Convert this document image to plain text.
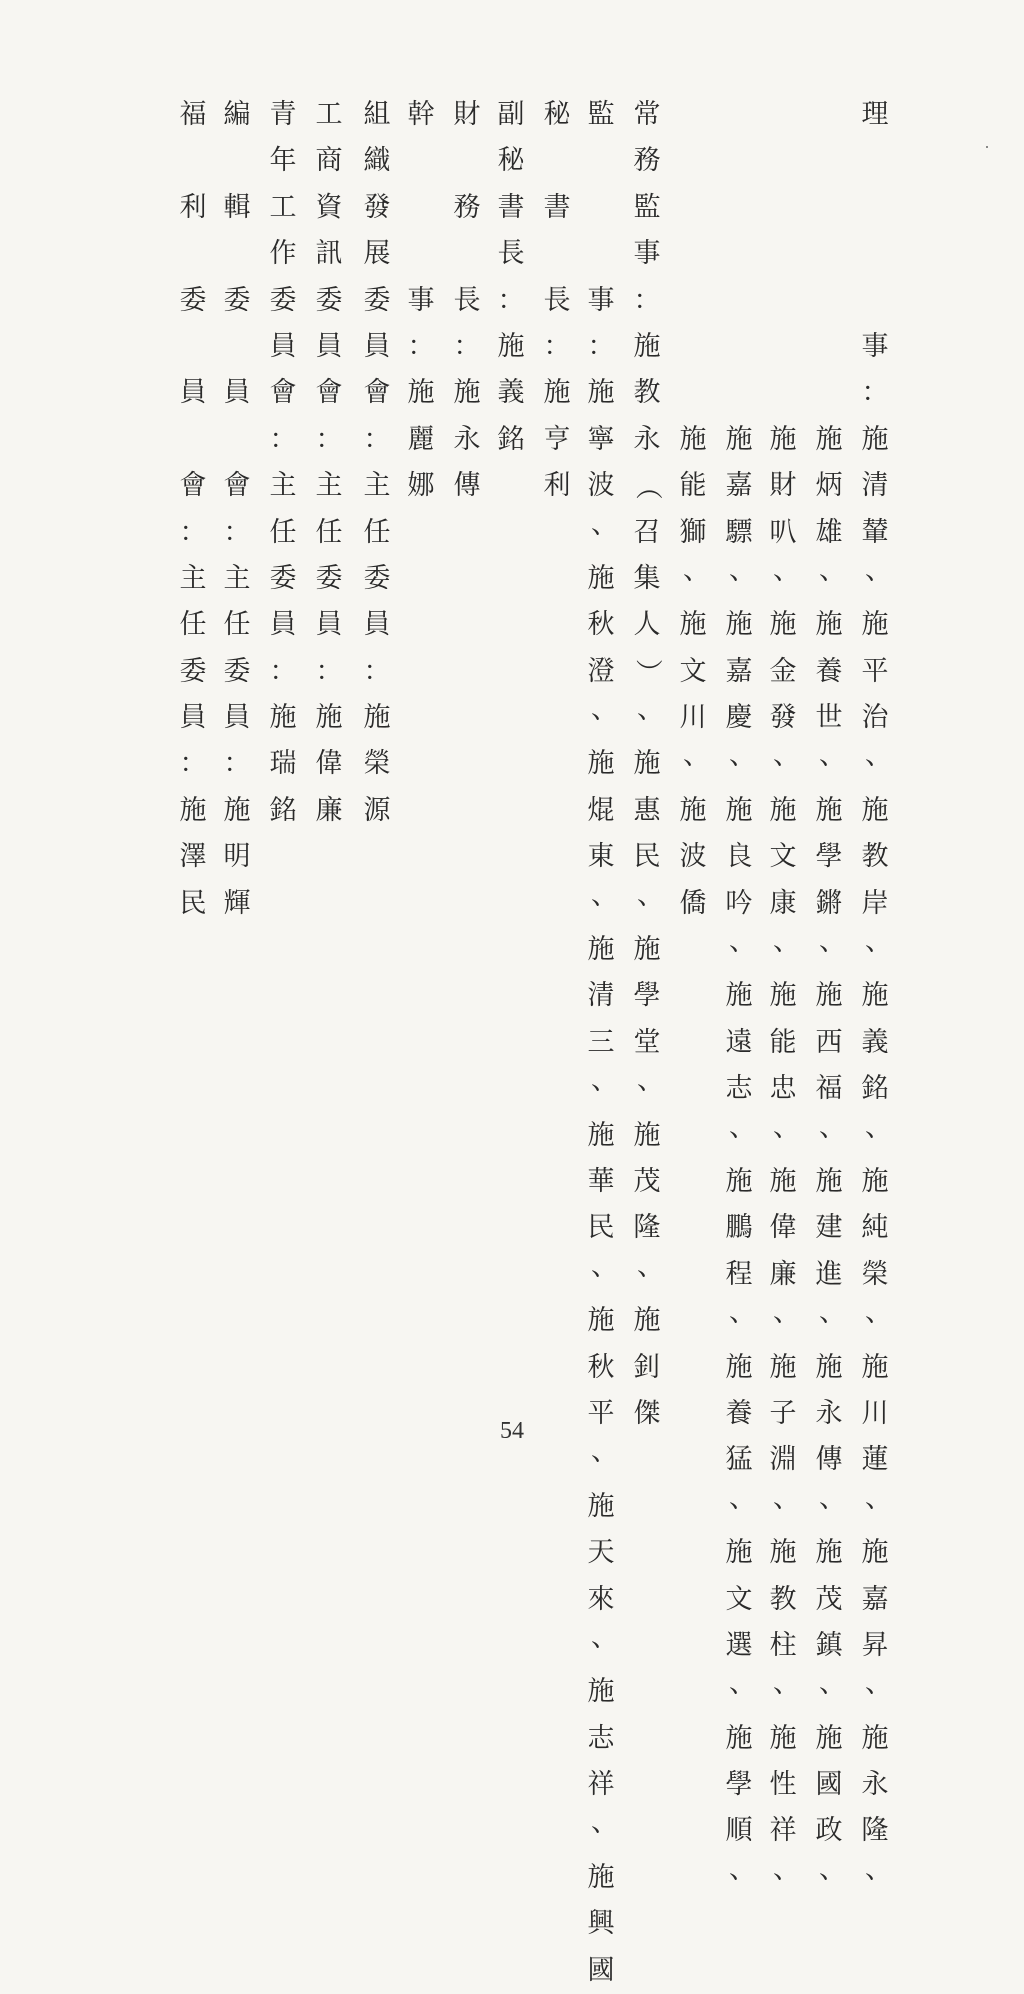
理

事
：
施
清
輦
、
施
平
治
、
施
教
岸
、
施
義
銘
、
施
純
榮
、
施
川
蓮
、
施
嘉
昇
、
施
永
隆
、

施
炳
雄
、
施
養
世
、
施
學
鏘
、
施
西
福
、
施
建
進
、
施
永
傳
、
施
茂
鎮
、
施
國
政
、

施
財
叭
、
施
金
發
、
施
文
康
、
施
能
忠
、
施
偉
廉
、
施
子
淵
、
施
教
柱
、
施
性
祥
、

施
嘉
驃
、
施
嘉
慶
、
施
良
吟
、
施
遠
志
、
施
鵬
程
、
施
養
猛
、
施
文
選
、
施
學
順
、

施
能
獅
、
施
文
川
、
施
波
僑
常
務
監
事
：
施
教
永
（
召
集
人
）
、
施
惠
民
、
施
學
堂
、
施
茂
隆
、
施
釗
傑
監

事
：
施
寧
波
、
施
秋
澄
、
施
焜
東
、
施
清
三
、
施
華
民
、
施
秋
平
、
施
天
來
、
施
志
祥
、
施
興
國
秘

書

長
：
施
亨
利
副
秘
書
長
：
施
義
銘
財

務

長
：
施
永
傳
幹

事
：
施
麗
娜
組
織
發
展
委
員
會
：
主
任
委
員
：
施
榮
源
工
商
資
訊
委
員
會
：
主
任
委
員
：
施
偉
廉
青
年
工
作
委
員
會
：
主
任
委
員
：
施
瑞
銘
編

輯

委

員

會
：
主
任
委
員
：
施
明
輝
福

利

委

員

會
：
主
任
委
員
：
施
澤
民
54
